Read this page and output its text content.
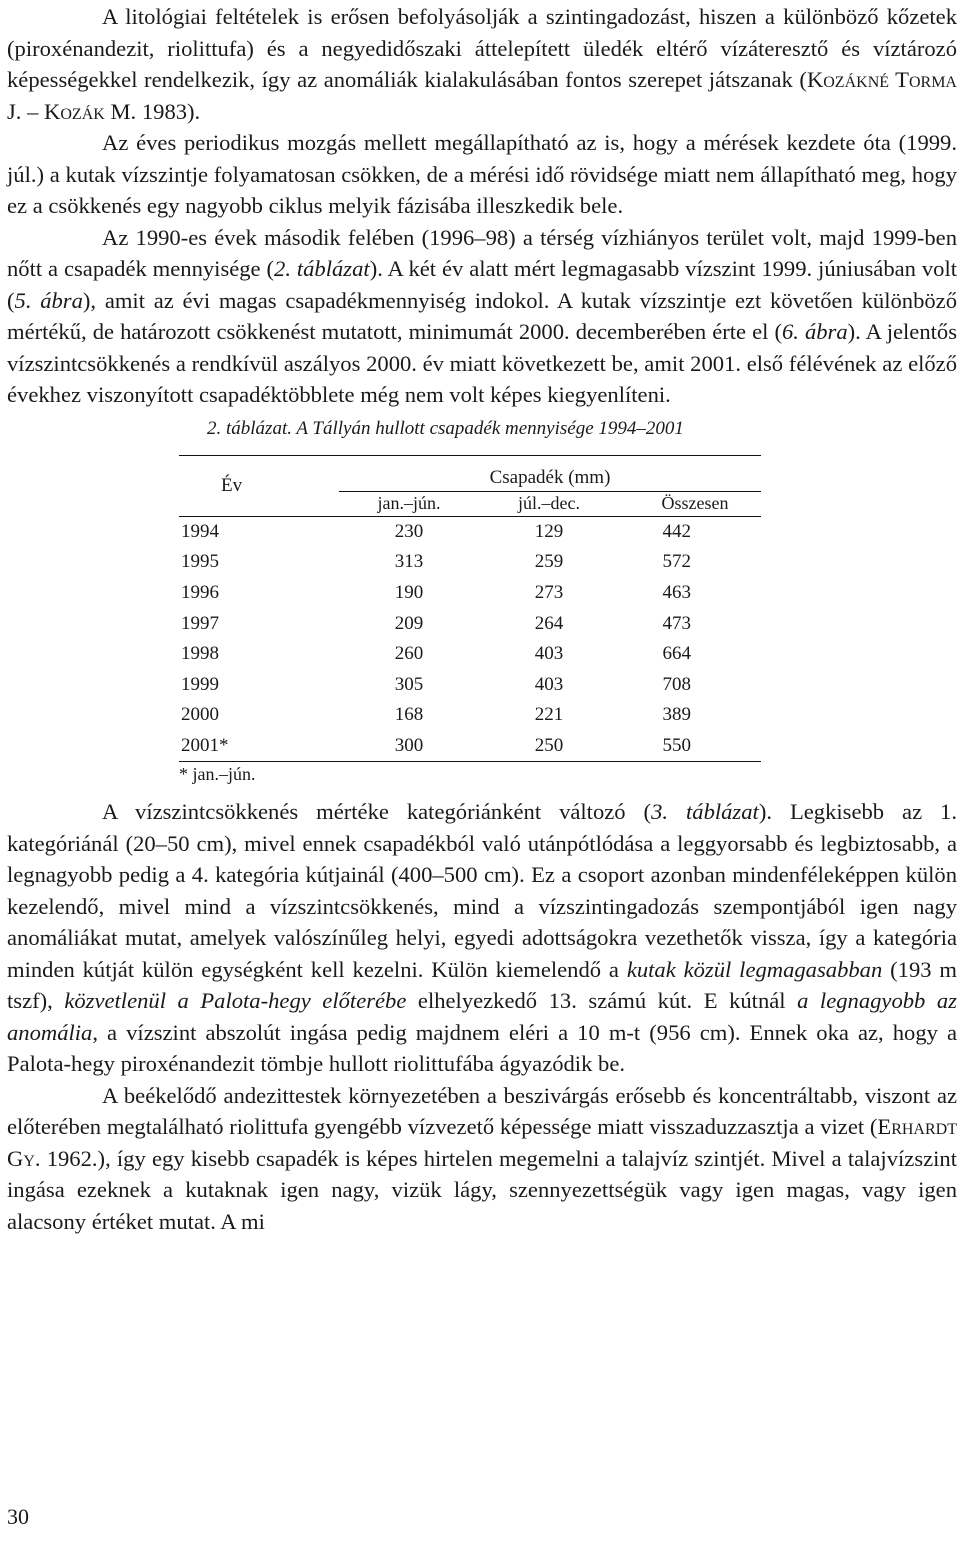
A litológiai feltételek is erősen befolyásolják a szintingadozást, hiszen a különböző kőzetek (piroxénandezit, riolittufa) és a negyedidőszaki áttelepített üledék eltérő vízáteresztő és víztározó képességekkel rendelkezik, így az anomáliák kialakulásában fontos szerepet játszanak (Kozákné Torma J. – Kozák M. 1983).

Az éves periodikus mozgás mellett megállapítható az is, hogy a mérések kezdete óta (1999. júl.) a kutak vízszintje folyamatosan csökken, de a mérési idő rövidsége miatt nem állapítható meg, hogy ez a csökkenés egy nagyobb ciklus melyik fázisába illeszkedik bele.

Az 1990-es évek második felében (1996–98) a térség vízhiányos terület volt, majd 1999-ben nőtt a csapadék mennyisége (2. táblázat). A két év alatt mért legmagasabb vízszint 1999. júniusában volt (5. ábra), amit az évi magas csapadékmennyiség indokol. A kutak vízszintje ezt követően különböző mértékű, de határozott csökkenést mutatott, minimumát 2000. decemberében érte el (6. ábra). A jelentős vízszintcsökkenés a rendkívül aszályos 2000. év miatt következett be, amit 2001. első félévének az előző évekhez viszonyított csapadéktöbblete még nem volt képes kiegyenlíteni.

2. táblázat. A Tállyán hullott csapadék mennyisége 1994–2001
Év	Csapadék (mm)		
	jan.–jún.	júl.–dec.	Összesen
1994	230	129	442
1995	313	259	572
1996	190	273	463
1997	209	264	473
1998	260	403	664
1999	305	403	708
2000	168	221	389
2001*	300	250	550
* jan.–jún.

A vízszintcsökkenés mértéke kategóriánként változó (3. táblázat). Legkisebb az 1. kategóriánál (20–50 cm), mivel ennek csapadékból való utánpótlódása a leggyorsabb és legbiztosabb, a legnagyobb pedig a 4. kategória kútjainál (400–500 cm). Ez a csoport azonban mindenféleképpen külön kezelendő, mivel mind a vízszintcsökkenés, mind a vízszintingadozás szempontjából igen nagy anomáliákat mutat, amelyek valószínűleg helyi, egyedi adottságokra vezethetők vissza, így a kategória minden kútját külön egységként kell kezelni. Külön kiemelendő a kutak közül legmagasabban (193 m tszf), közvetlenül a Palota-hegy előterébe elhelyezkedő 13. számú kút. E kútnál a legnagyobb az anomália, a vízszint abszolút ingása pedig majdnem eléri a 10 m-t (956 cm). Ennek oka az, hogy a Palota-hegy piroxénandezit tömbje hullott riolittufába ágyazódik be.

A beékelődő andezittestek környezetében a beszivárgás erősebb és koncentráltabb, viszont az előterében megtalálható riolittufa gyengébb vízvezető képessége miatt visszaduzzasztja a vizet (Erhardt Gy. 1962.), így egy kisebb csapadék is képes hirtelen megemelni a talajvíz szintjét. Mivel a talajvízszint ingása ezeknek a kutaknak igen nagy, vizük lágy, szennyezettségük vagy igen magas, vagy igen alacsony értéket mutat. A mi

30
